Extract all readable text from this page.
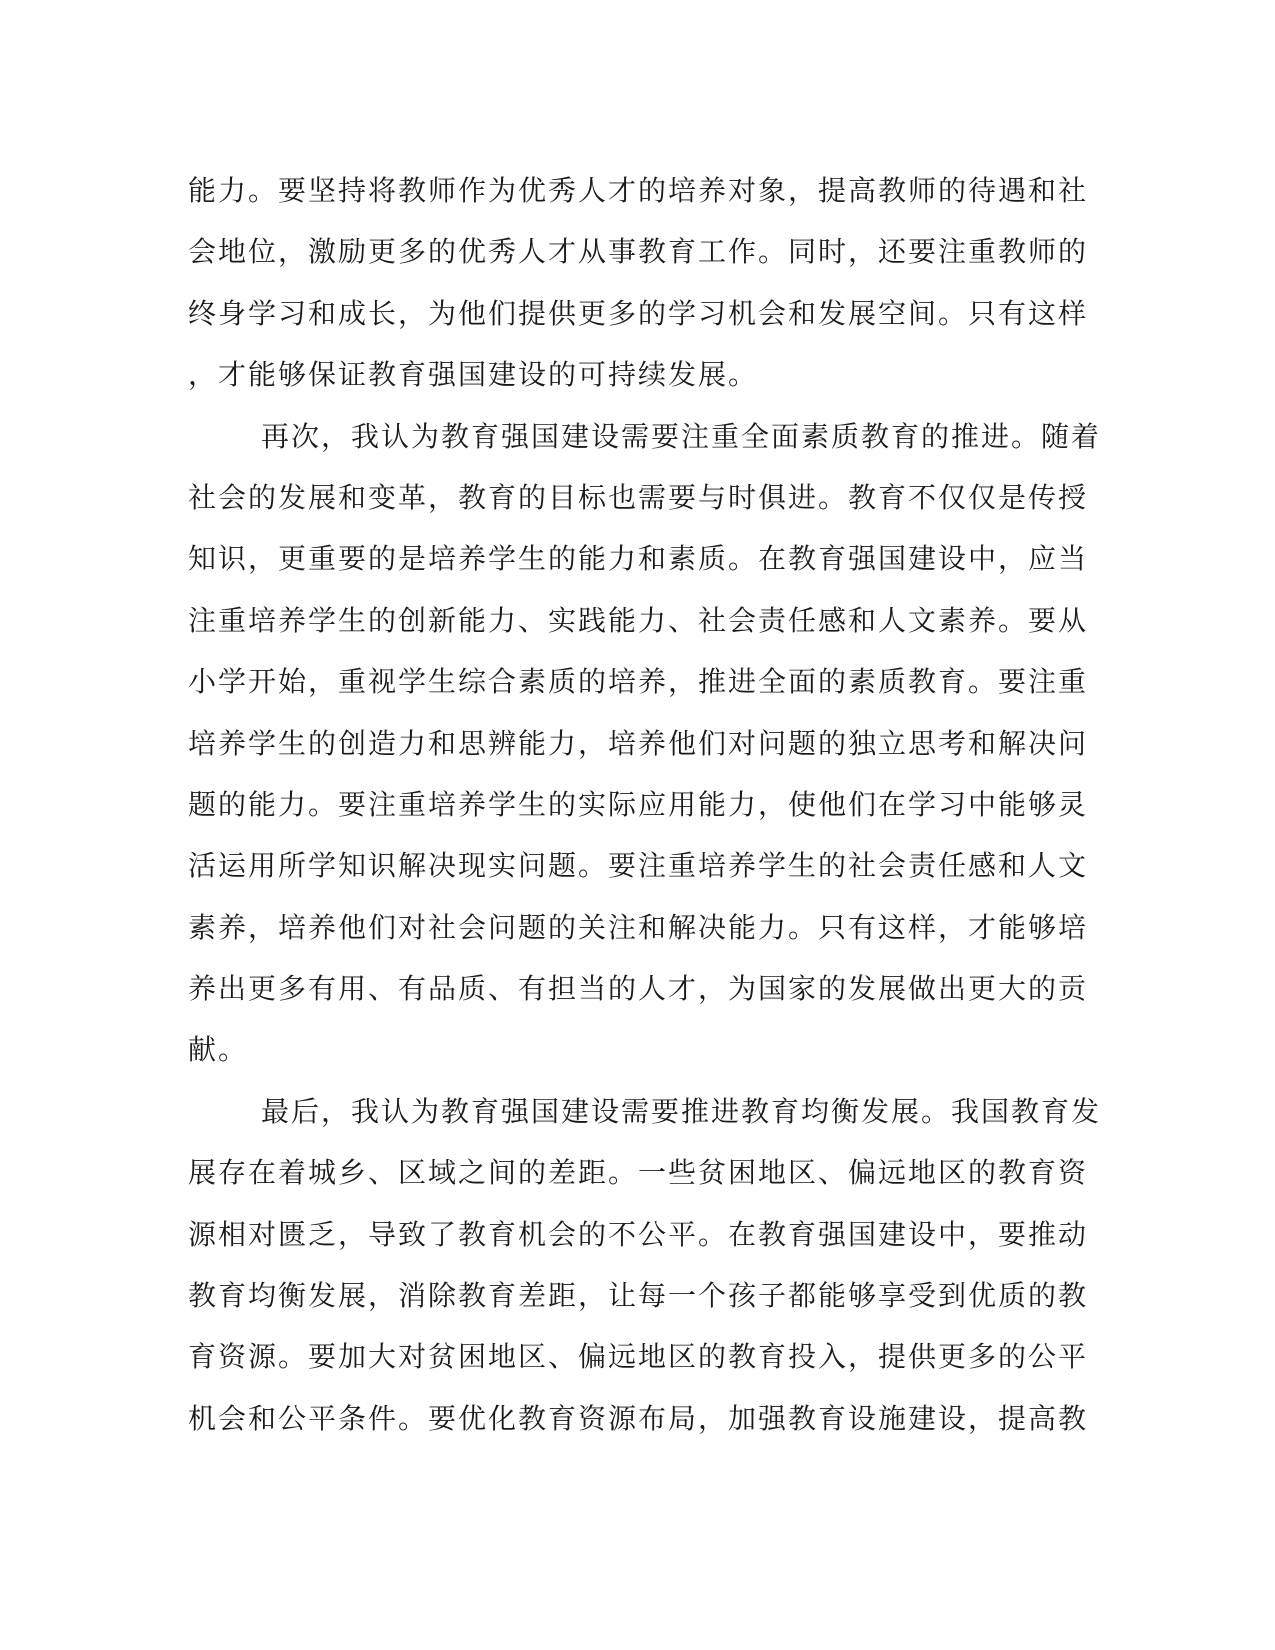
能力。要坚持将教师作为优秀人才的培养对象，提高教师的待遇和社
会地位，激励更多的优秀人才从事教育工作。同时，还要注重教师的
终身学习和成长，为他们提供更多的学习机会和发展空间。只有这样
，才能够保证教育强国建设的可持续发展。
再次，我认为教育强国建设需要注重全面素质教育的推进。随着
社会的发展和变革，教育的目标也需要与时俱进。教育不仅仅是传授
知识，更重要的是培养学生的能力和素质。在教育强国建设中，应当
注重培养学生的创新能力、实践能力、社会责任感和人文素养。要从
小学开始，重视学生综合素质的培养，推进全面的素质教育。要注重
培养学生的创造力和思辨能力，培养他们对问题的独立思考和解决问
题的能力。要注重培养学生的实际应用能力，使他们在学习中能够灵
活运用所学知识解决现实问题。要注重培养学生的社会责任感和人文
素养，培养他们对社会问题的关注和解决能力。只有这样，才能够培
养出更多有用、有品质、有担当的人才，为国家的发展做出更大的贡
献。
最后，我认为教育强国建设需要推进教育均衡发展。我国教育发
展存在着城乡、区域之间的差距。一些贫困地区、偏远地区的教育资
源相对匮乏，导致了教育机会的不公平。在教育强国建设中，要推动
教育均衡发展，消除教育差距，让每一个孩子都能够享受到优质的教
育资源。要加大对贫困地区、偏远地区的教育投入，提供更多的公平
机会和公平条件。要优化教育资源布局，加强教育设施建设，提高教
